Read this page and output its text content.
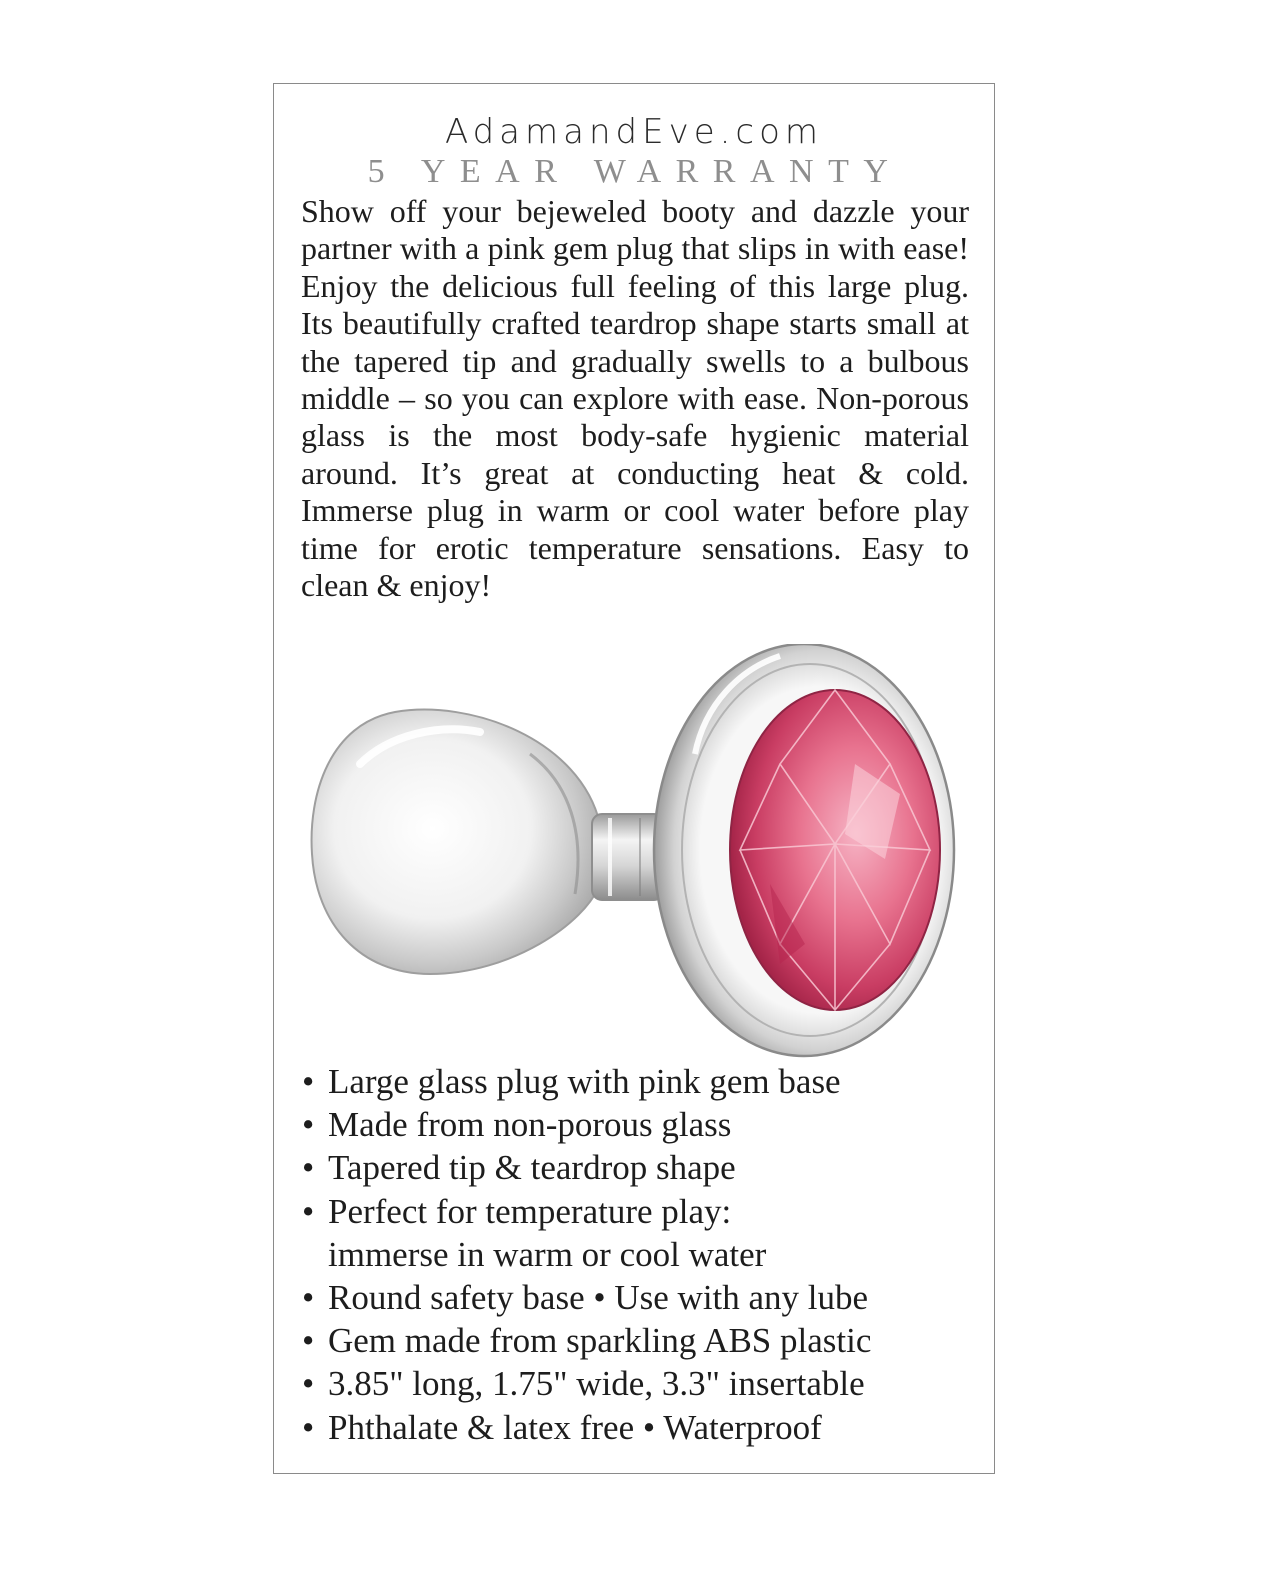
AdamandEve.com
5 YEAR WARRANTY

Show off your bejeweled booty and dazzle your partner with a pink gem plug that slips in with ease! Enjoy the delicious full feeling of this large plug. Its beautifully crafted teardrop shape starts small at the tapered tip and gradually swells to a bulbous middle – so you can explore with ease. Non-porous glass is the most body-safe hygienic material around. It’s great at conducting heat & cold. Immerse plug in warm or cool water before play time for erotic temperature sensations. Easy to clean & enjoy!

• Large glass plug with pink gem base
• Made from non-porous glass
• Tapered tip & teardrop shape
• Perfect for temperature play:
immerse in warm or cool water
• Round safety base • Use with any lube
• Gem made from sparkling ABS plastic
• 3.85" long, 1.75" wide, 3.3" insertable
• Phthalate & latex free • Waterproof
